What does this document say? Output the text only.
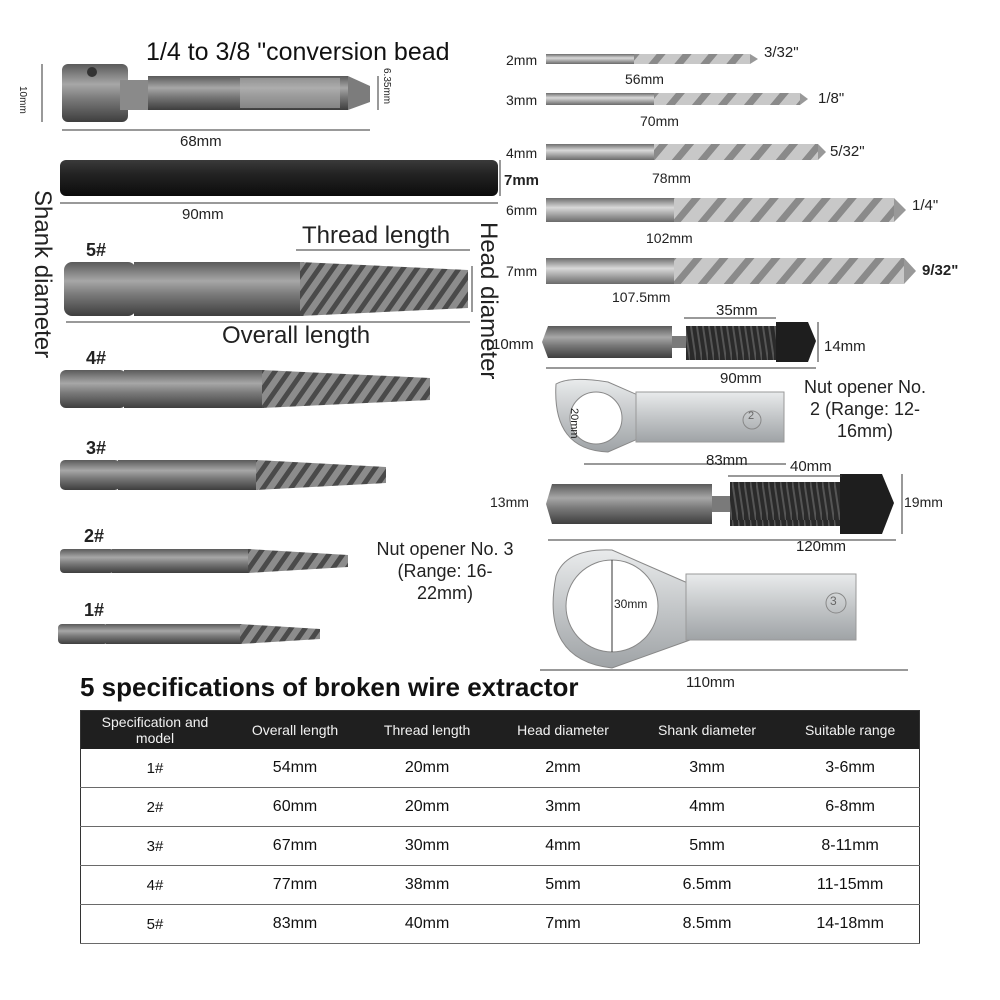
1/4 to 3/8 "conversion bead
10mm	6.35mm
68mm
7mm
90mm
Thread length
Shank diameter	Overall length	Head diameter
5#
4#
3#
2#
1#
2mm
56mm
3/32"
3mm
70mm
1/8"
4mm
78mm
5/32"
6mm
102mm
1/4"
7mm
107.5mm
9/32"
10mm
35mm
14mm
90mm Nut opener No. 2 (Range: 12-16mm)
20mm
83mm
2
13mm
40mm
19mm
120mm
Nut opener No. 3 (Range: 16-22mm)
30mm	3
110mm
5 specifications of broken wire extractor
Specification and model	Overall length	Thread length	Head diameter	Shank diameter	Suitable range
1#	54mm	20mm	2mm	3mm	3-6mm
2#	60mm	20mm	3mm	4mm	6-8mm
3#	67mm	30mm	4mm	5mm	8-11mm
4#	77mm	38mm	5mm	6.5mm	11-15mm
5#	83mm	40mm	7mm	8.5mm	14-18mm
